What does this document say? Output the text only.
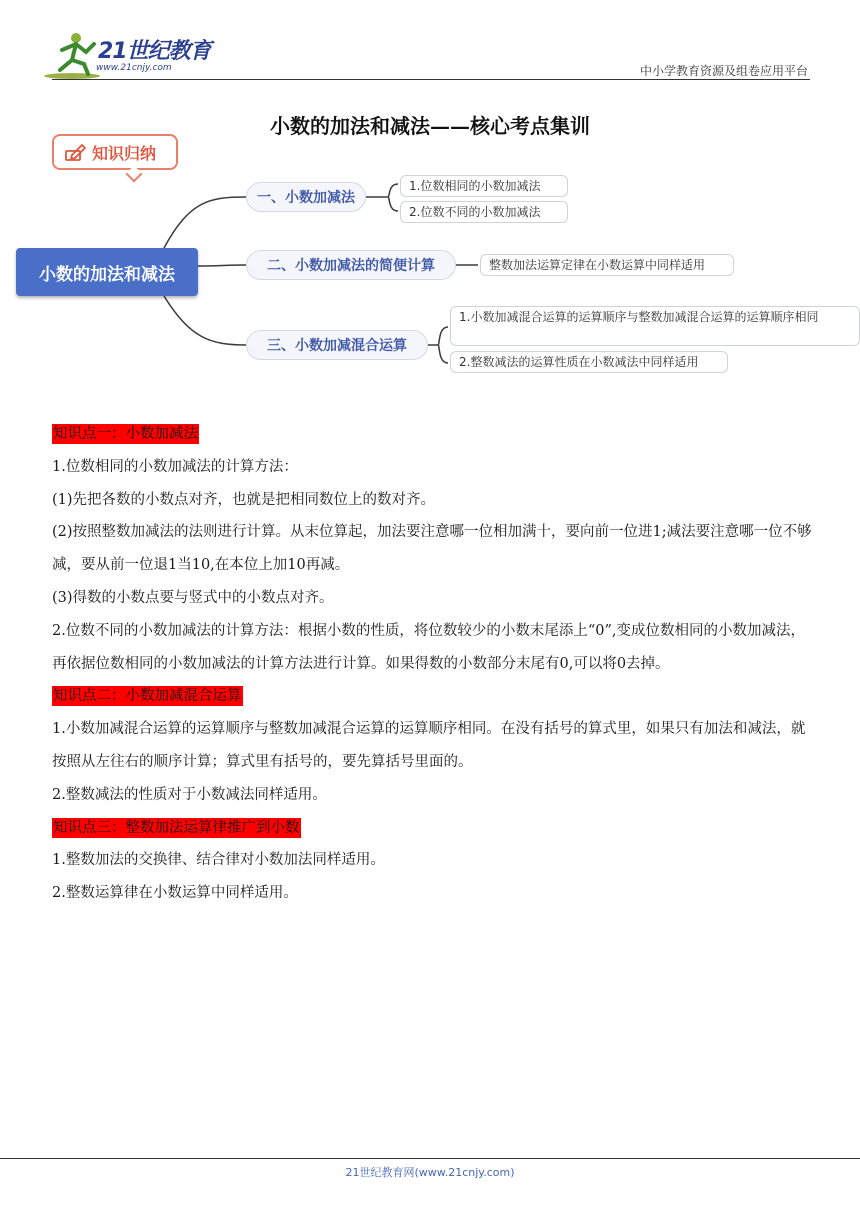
21世纪教育
www.21cnjy.com	中小学教育资源及组卷应用平台
小数的加法和减法——核心考点集训
知识归纳
小数的加法和减法
一、小数加减法
1.位数相同的小数加减法
2.位数不同的小数加减法
二、小数加减法的简便计算	整数加法运算定律在小数运算中同样适用
三、小数加减混合运算
1.小数加减混合运算的运算顺序与整数加减混合运算的运算顺序相同
2.整数减法的运算性质在小数减法中同样适用

知识点一：小数加减法

1.位数相同的小数加减法的计算方法：

(1)先把各数的小数点对齐，也就是把相同数位上的数对齐。

(2)按照整数加减法的法则进行计算。从末位算起，加法要注意哪一位相加满十，要向前一位进1;减法要注意哪一位不够减，要从前一位退1当10,在本位上加10再减。

(3)得数的小数点要与竖式中的小数点对齐。

2.位数不同的小数加减法的计算方法：根据小数的性质，将位数较少的小数末尾添上“0”,变成位数相同的小数加减法，再依据位数相同的小数加减法的计算方法进行计算。如果得数的小数部分末尾有0,可以将0去掉。

知识点二：小数加减混合运算

1.小数加减混合运算的运算顺序与整数加减混合运算的运算顺序相同。在没有括号的算式里，如果只有加法和减法，就按照从左往右的顺序计算；算式里有括号的，要先算括号里面的。

2.整数减法的性质对于小数减法同样适用。

知识点三：整数加法运算律推广到小数

1.整数加法的交换律、结合律对小数加法同样适用。

2.整数运算律在小数运算中同样适用。

21世纪教育网(www.21cnjy.com)
